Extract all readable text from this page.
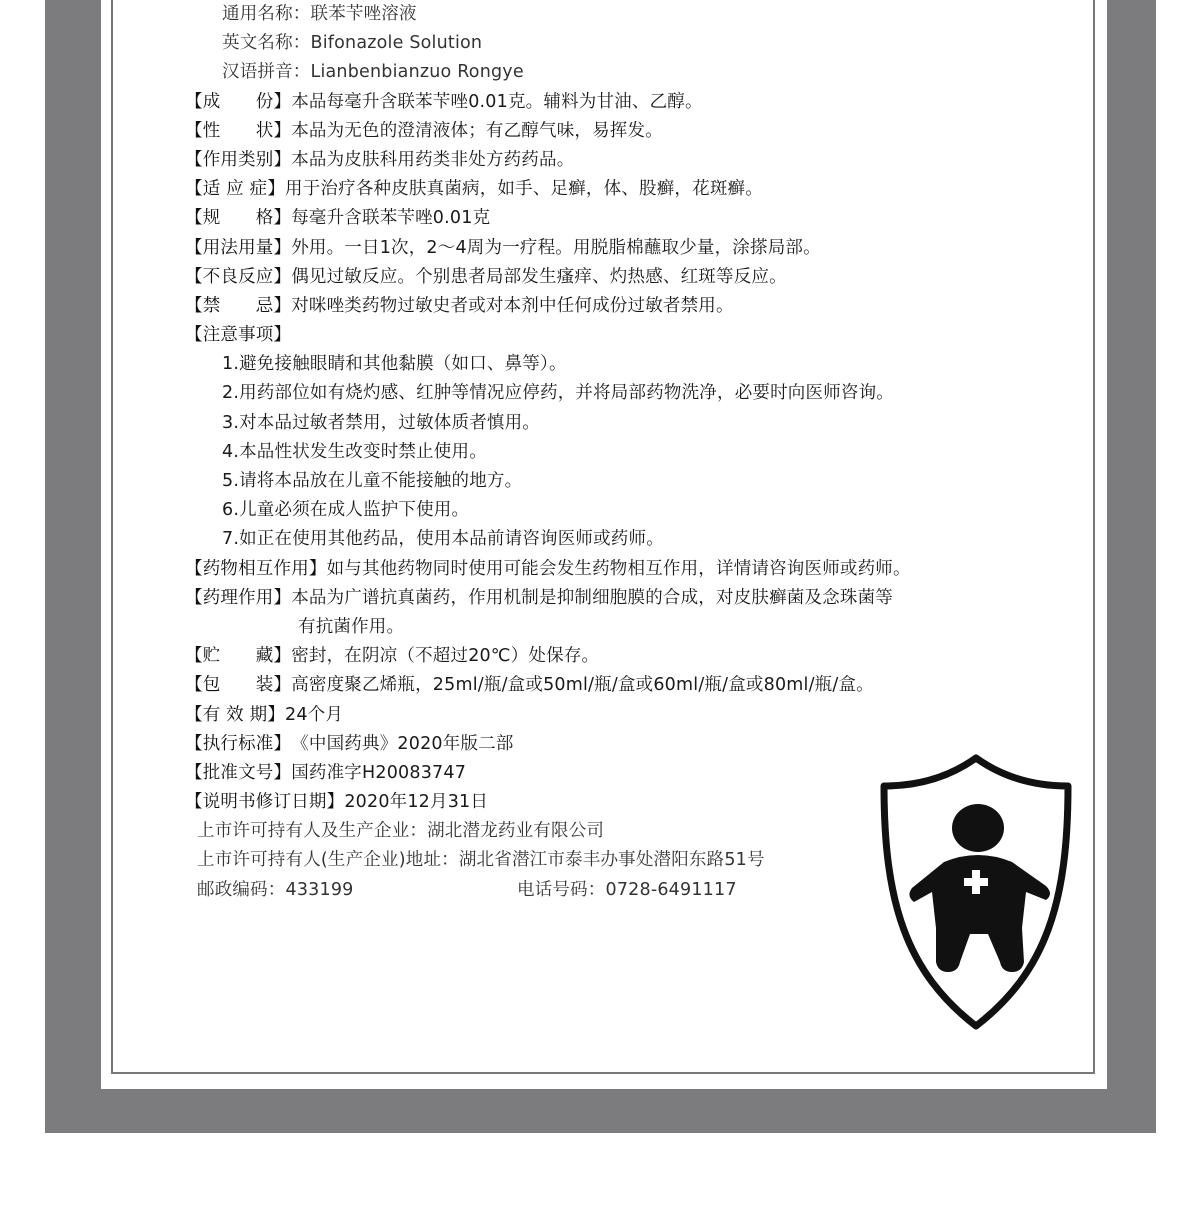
通用名称：联苯苄唑溶液
英文名称：Bifonazole Solution
汉语拼音：Lianbenbianzuo Rongye
【成　　份】 本品每毫升含联苯苄唑0.01克。辅料为甘油、乙醇。
【性　　状】 本品为无色的澄清液体；有乙醇气味，易挥发。
【作用类别】 本品为皮肤科用药类非处方药药品。
【适 应 症】 用于治疗各种皮肤真菌病，如手、足癣，体、股癣，花斑癣。
【规　　格】 每毫升含联苯苄唑0.01克
【用法用量】 外用。一日1次，2～4周为一疗程。用脱脂棉蘸取少量，涂搽局部。
【不良反应】 偶见过敏反应。个别患者局部发生瘙痒、灼热感、红斑等反应。
【禁　　忌】 对咪唑类药物过敏史者或对本剂中任何成份过敏者禁用。
【注意事项】
1.避免接触眼睛和其他黏膜（如口、鼻等）。
2.用药部位如有烧灼感、红肿等情况应停药，并将局部药物洗净，必要时向医师咨询。
3.对本品过敏者禁用，过敏体质者慎用。
4.本品性状发生改变时禁止使用。
5.请将本品放在儿童不能接触的地方。
6.儿童必须在成人监护下使用。
7.如正在使用其他药品，使用本品前请咨询医师或药师。
【药物相互作用】 如与其他药物同时使用可能会发生药物相互作用，详情请咨询医师或药师。
【药理作用】 本品为广谱抗真菌药，作用机制是抑制细胞膜的合成，对皮肤癣菌及念珠菌等
有抗菌作用。
【贮　　藏】 密封，在阴凉（不超过20℃）处保存。
【包　　装】 高密度聚乙烯瓶，25ml/瓶/盒或50ml/瓶/盒或60ml/瓶/盒或80ml/瓶/盒。
【有 效 期】 24个月
【执行标准】 《中国药典》2020年版二部
【批准文号】 国药准字H20083747
【说明书修订日期】 2020年12月31日
上市许可持有人及生产企业：湖北潜龙药业有限公司
上市许可持有人(生产企业)地址：湖北省潜江市泰丰办事处潜阳东路51号
邮政编码：433199	电话号码：0728-6491117
